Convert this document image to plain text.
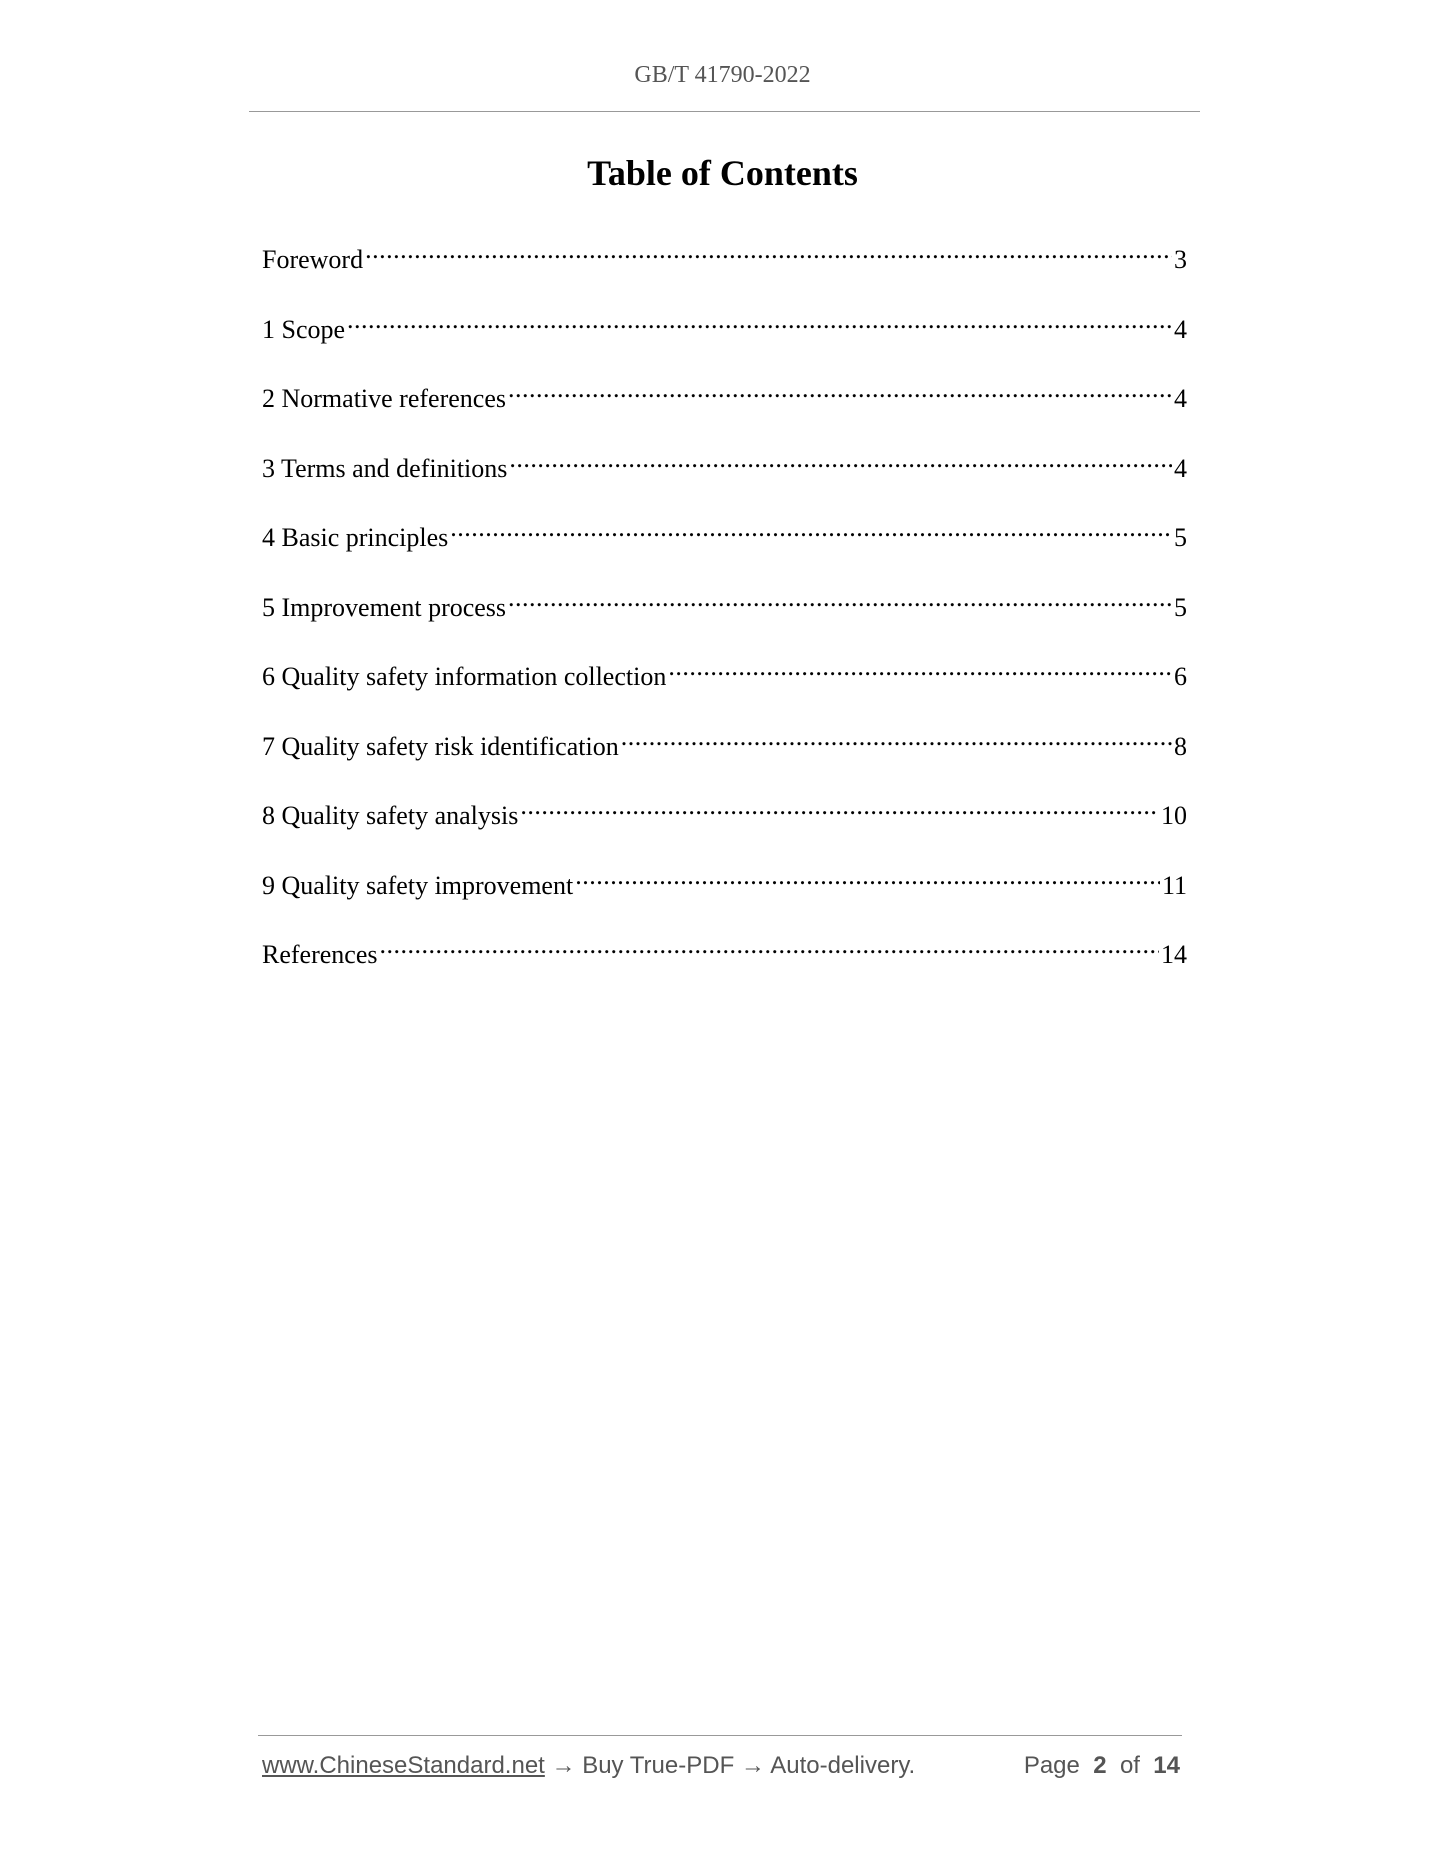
GB/T 41790-2022
Table of Contents
Foreword .....	3
1 Scope .....	4
2 Normative references .....	4
3 Terms and definitions .....	4
4 Basic principles .....	5
5 Improvement process .....	5
6 Quality safety information collection .....	6
7 Quality safety risk identification .....	8
8 Quality safety analysis .....	10
9 Quality safety improvement .....	11
References .....	14
www.ChineseStandard.net → Buy True-PDF → Auto-delivery.	Page 2 of 14
